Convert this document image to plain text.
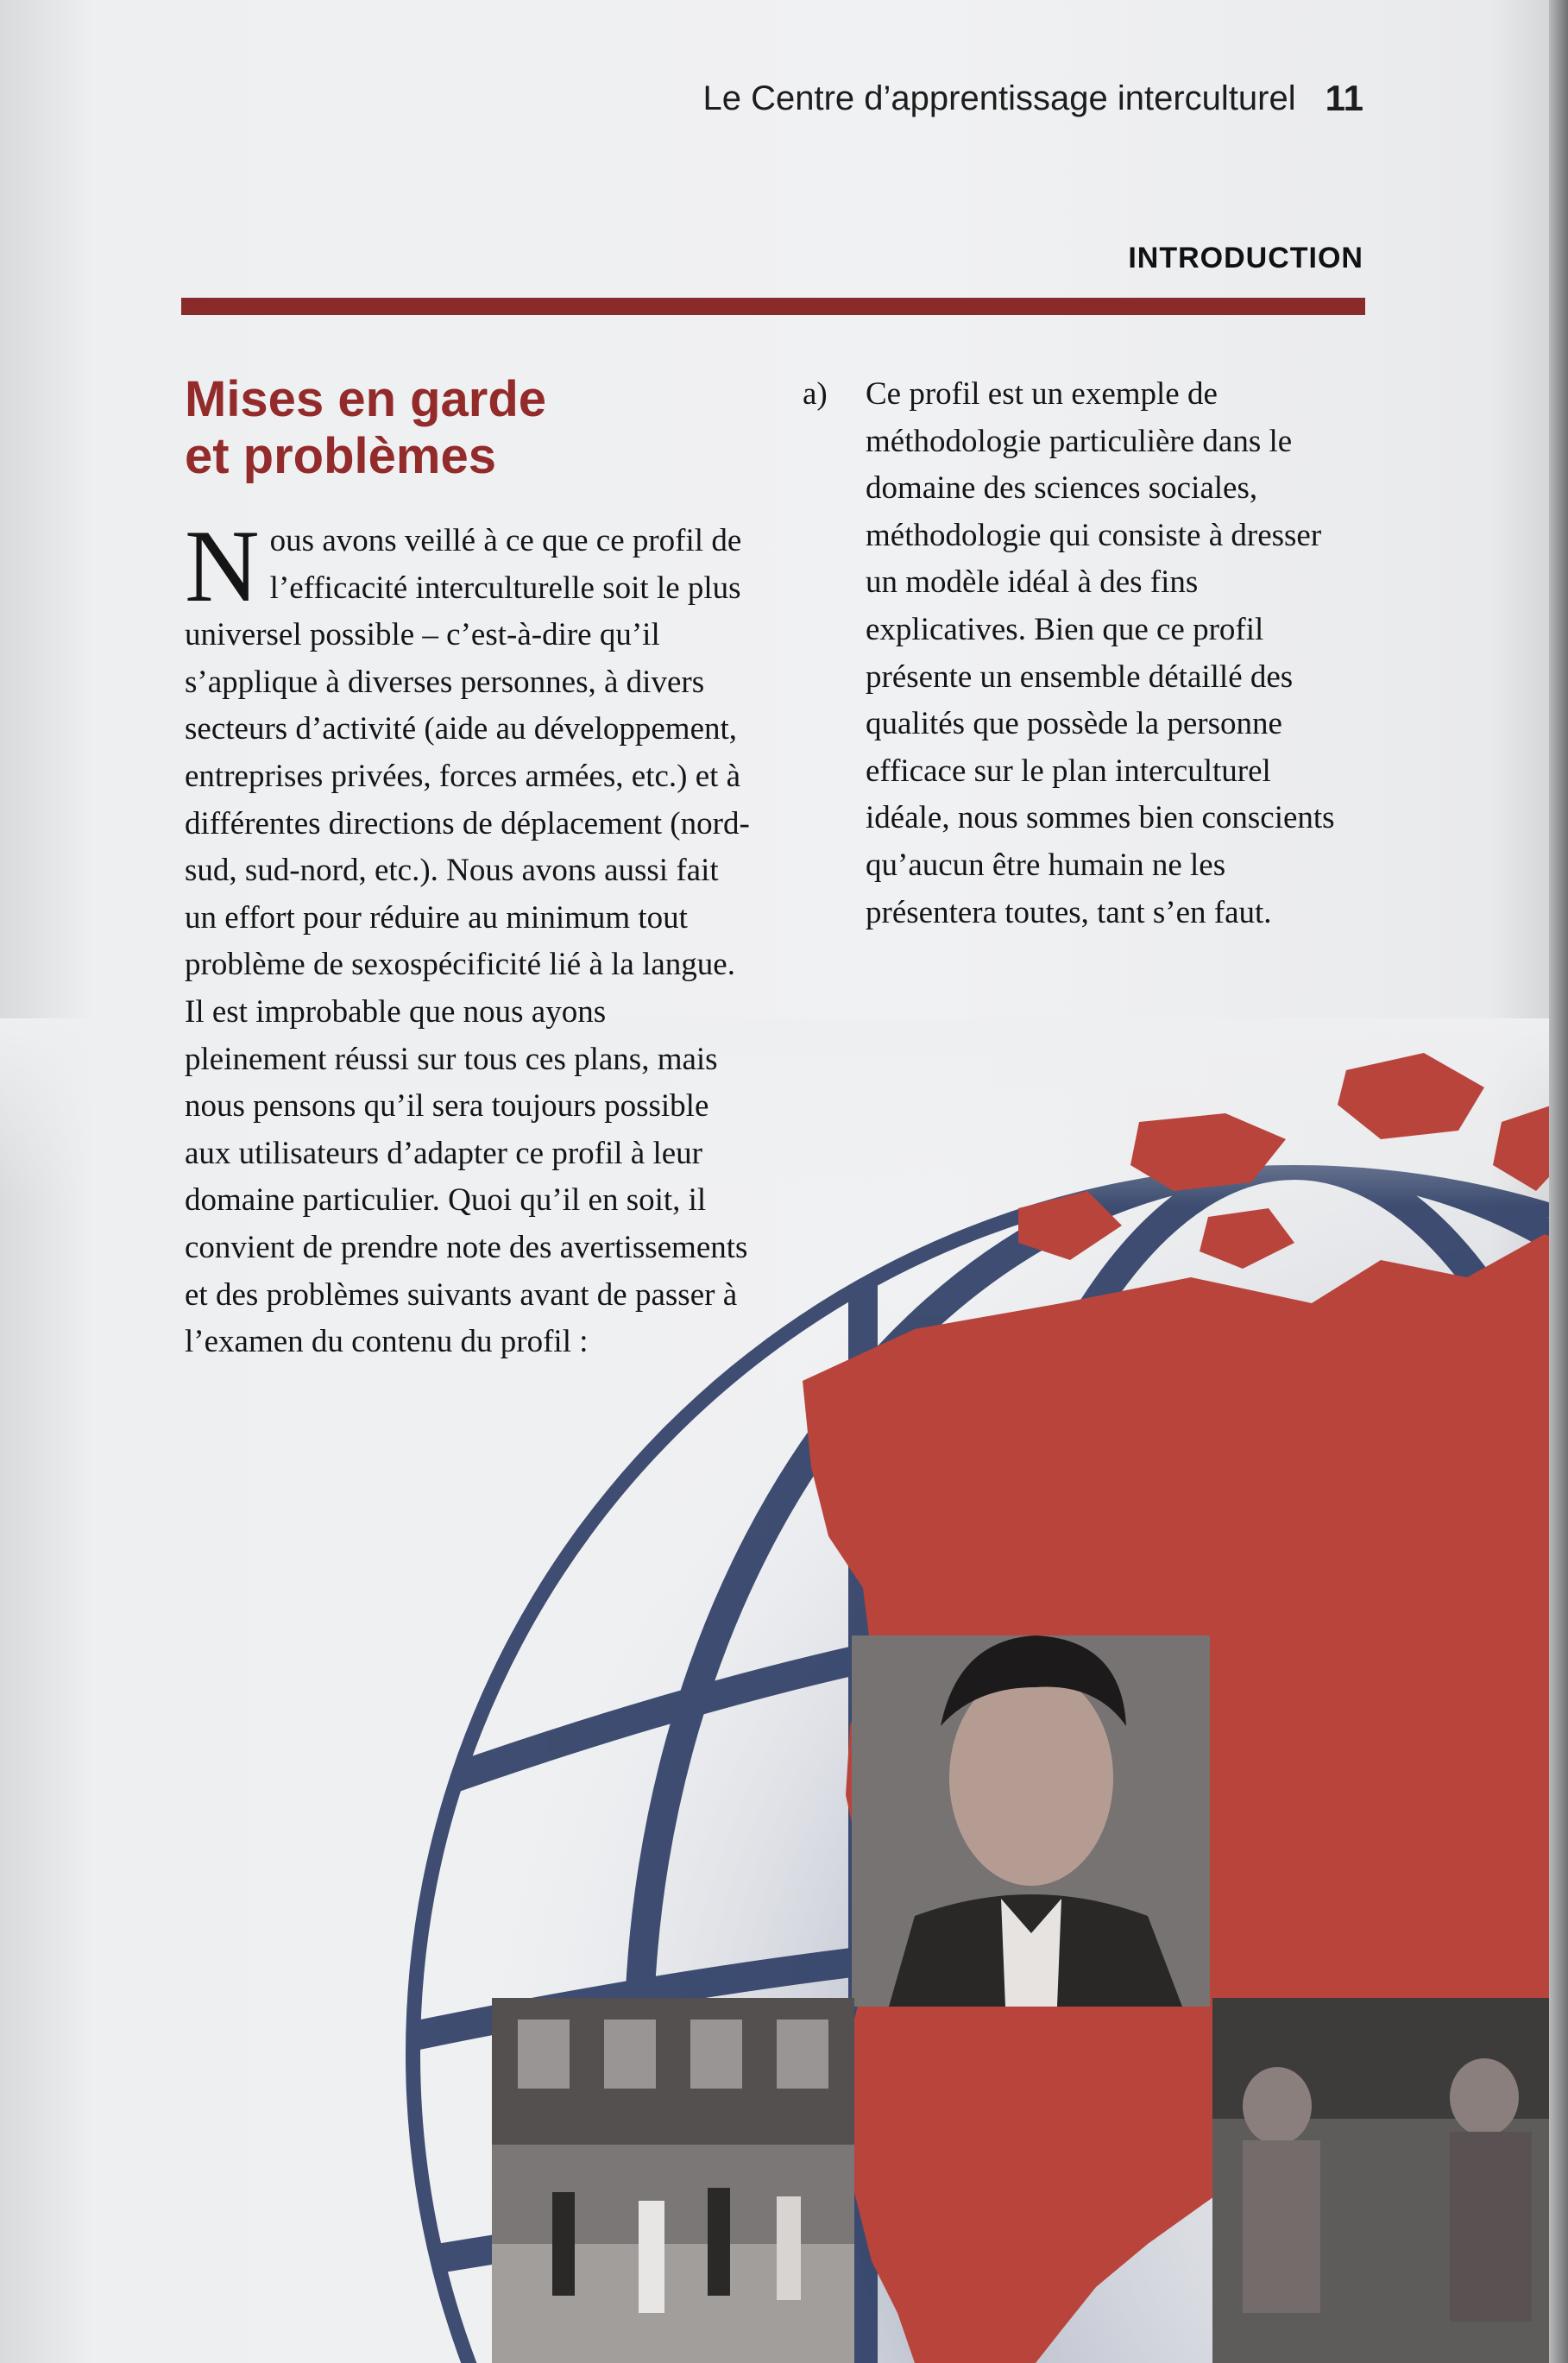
Le Centre d’apprentissage interculturel 11
INTRODUCTION
Mises en garde
et problèmes

Nous avons veillé à ce que ce profil de l’efficacité interculturelle soit le plus universel possible – c’est-à-dire qu’il s’applique à diverses personnes, à divers secteurs d’activité (aide au développement, entreprises privées, forces armées, etc.) et à différentes directions de déplacement (nord-sud, sud-nord, etc.). Nous avons aussi fait un effort pour réduire au minimum tout problème de sexospécificité lié à la langue. Il est improbable que nous ayons pleinement réussi sur tous ces plans, mais nous pensons qu’il sera toujours possible aux utilisateurs d’adapter ce profil à leur domaine particulier. Quoi qu’il en soit, il convient de prendre note des avertissements et des problèmes suivants avant de passer à l’examen du contenu du profil :

a)	Ce profil est un exemple de méthodologie particulière dans le domaine des sciences sociales, méthodologie qui consiste à dresser un modèle idéal à des fins explicatives. Bien que ce profil présente un ensemble détaillé des qualités que possède la personne efficace sur le plan interculturel idéale, nous sommes bien conscients qu’aucun être humain ne les présentera toutes, tant s’en faut.
